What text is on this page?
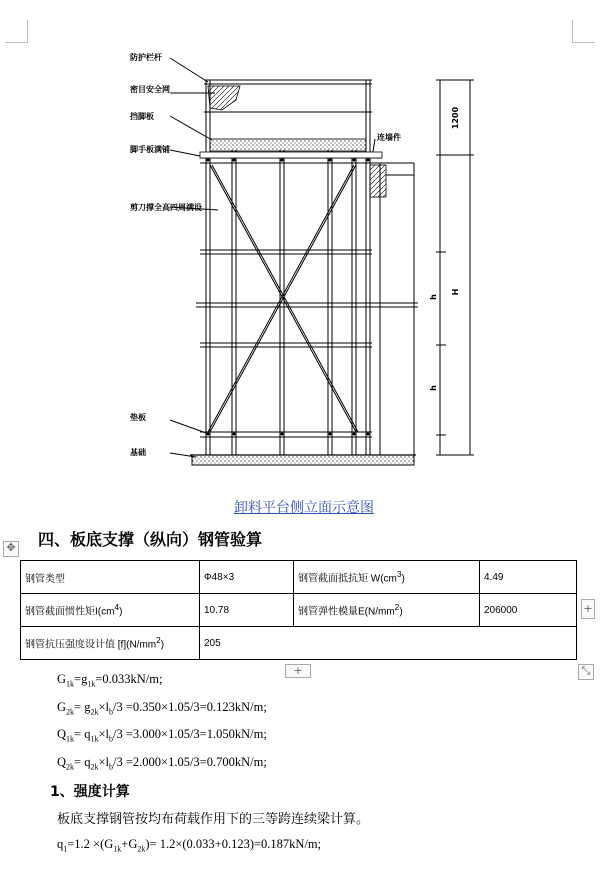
防护栏杆
密目安全网
挡脚板
脚手板满铺
剪刀撑全高四周满设
连墙件
垫板
基础
1200
h
h
H
卸料平台侧立面示意图
✥ 四、板底支撑（纵向）钢管验算
钢管类型	Ф48×3	钢管截面抵抗矩 $W(cm^3)$	4.49
钢管截面惯性矩$I(cm^4)$	10.78	钢管弹性模量$E(N/mm^2)$	206000
钢管抗压强度设计值 $[f](N/mm^2)$	205		
+
+	⤡
$G_{1k}=g_{1k}=0.033kN/m$;
$G_{2k}= g_{2k}\times l_b/3 =0.350\times 1.05/3=0.123kN/m$;
$Q_{1k}= q_{1k}\times l_b/3 =3.000\times 1.05/3=1.050kN/m$;
$Q_{2k}= q_{2k}\times l_b/3 =2.000\times 1.05/3=0.700kN/m$;
1、强度计算
板底支撑钢管按均布荷载作用下的三等跨连续梁计算。
$q_1=1.2 \times(G_{1k}+G_{2k})= 1.2\times(0.033+0.123)=0.187kN/m$;
